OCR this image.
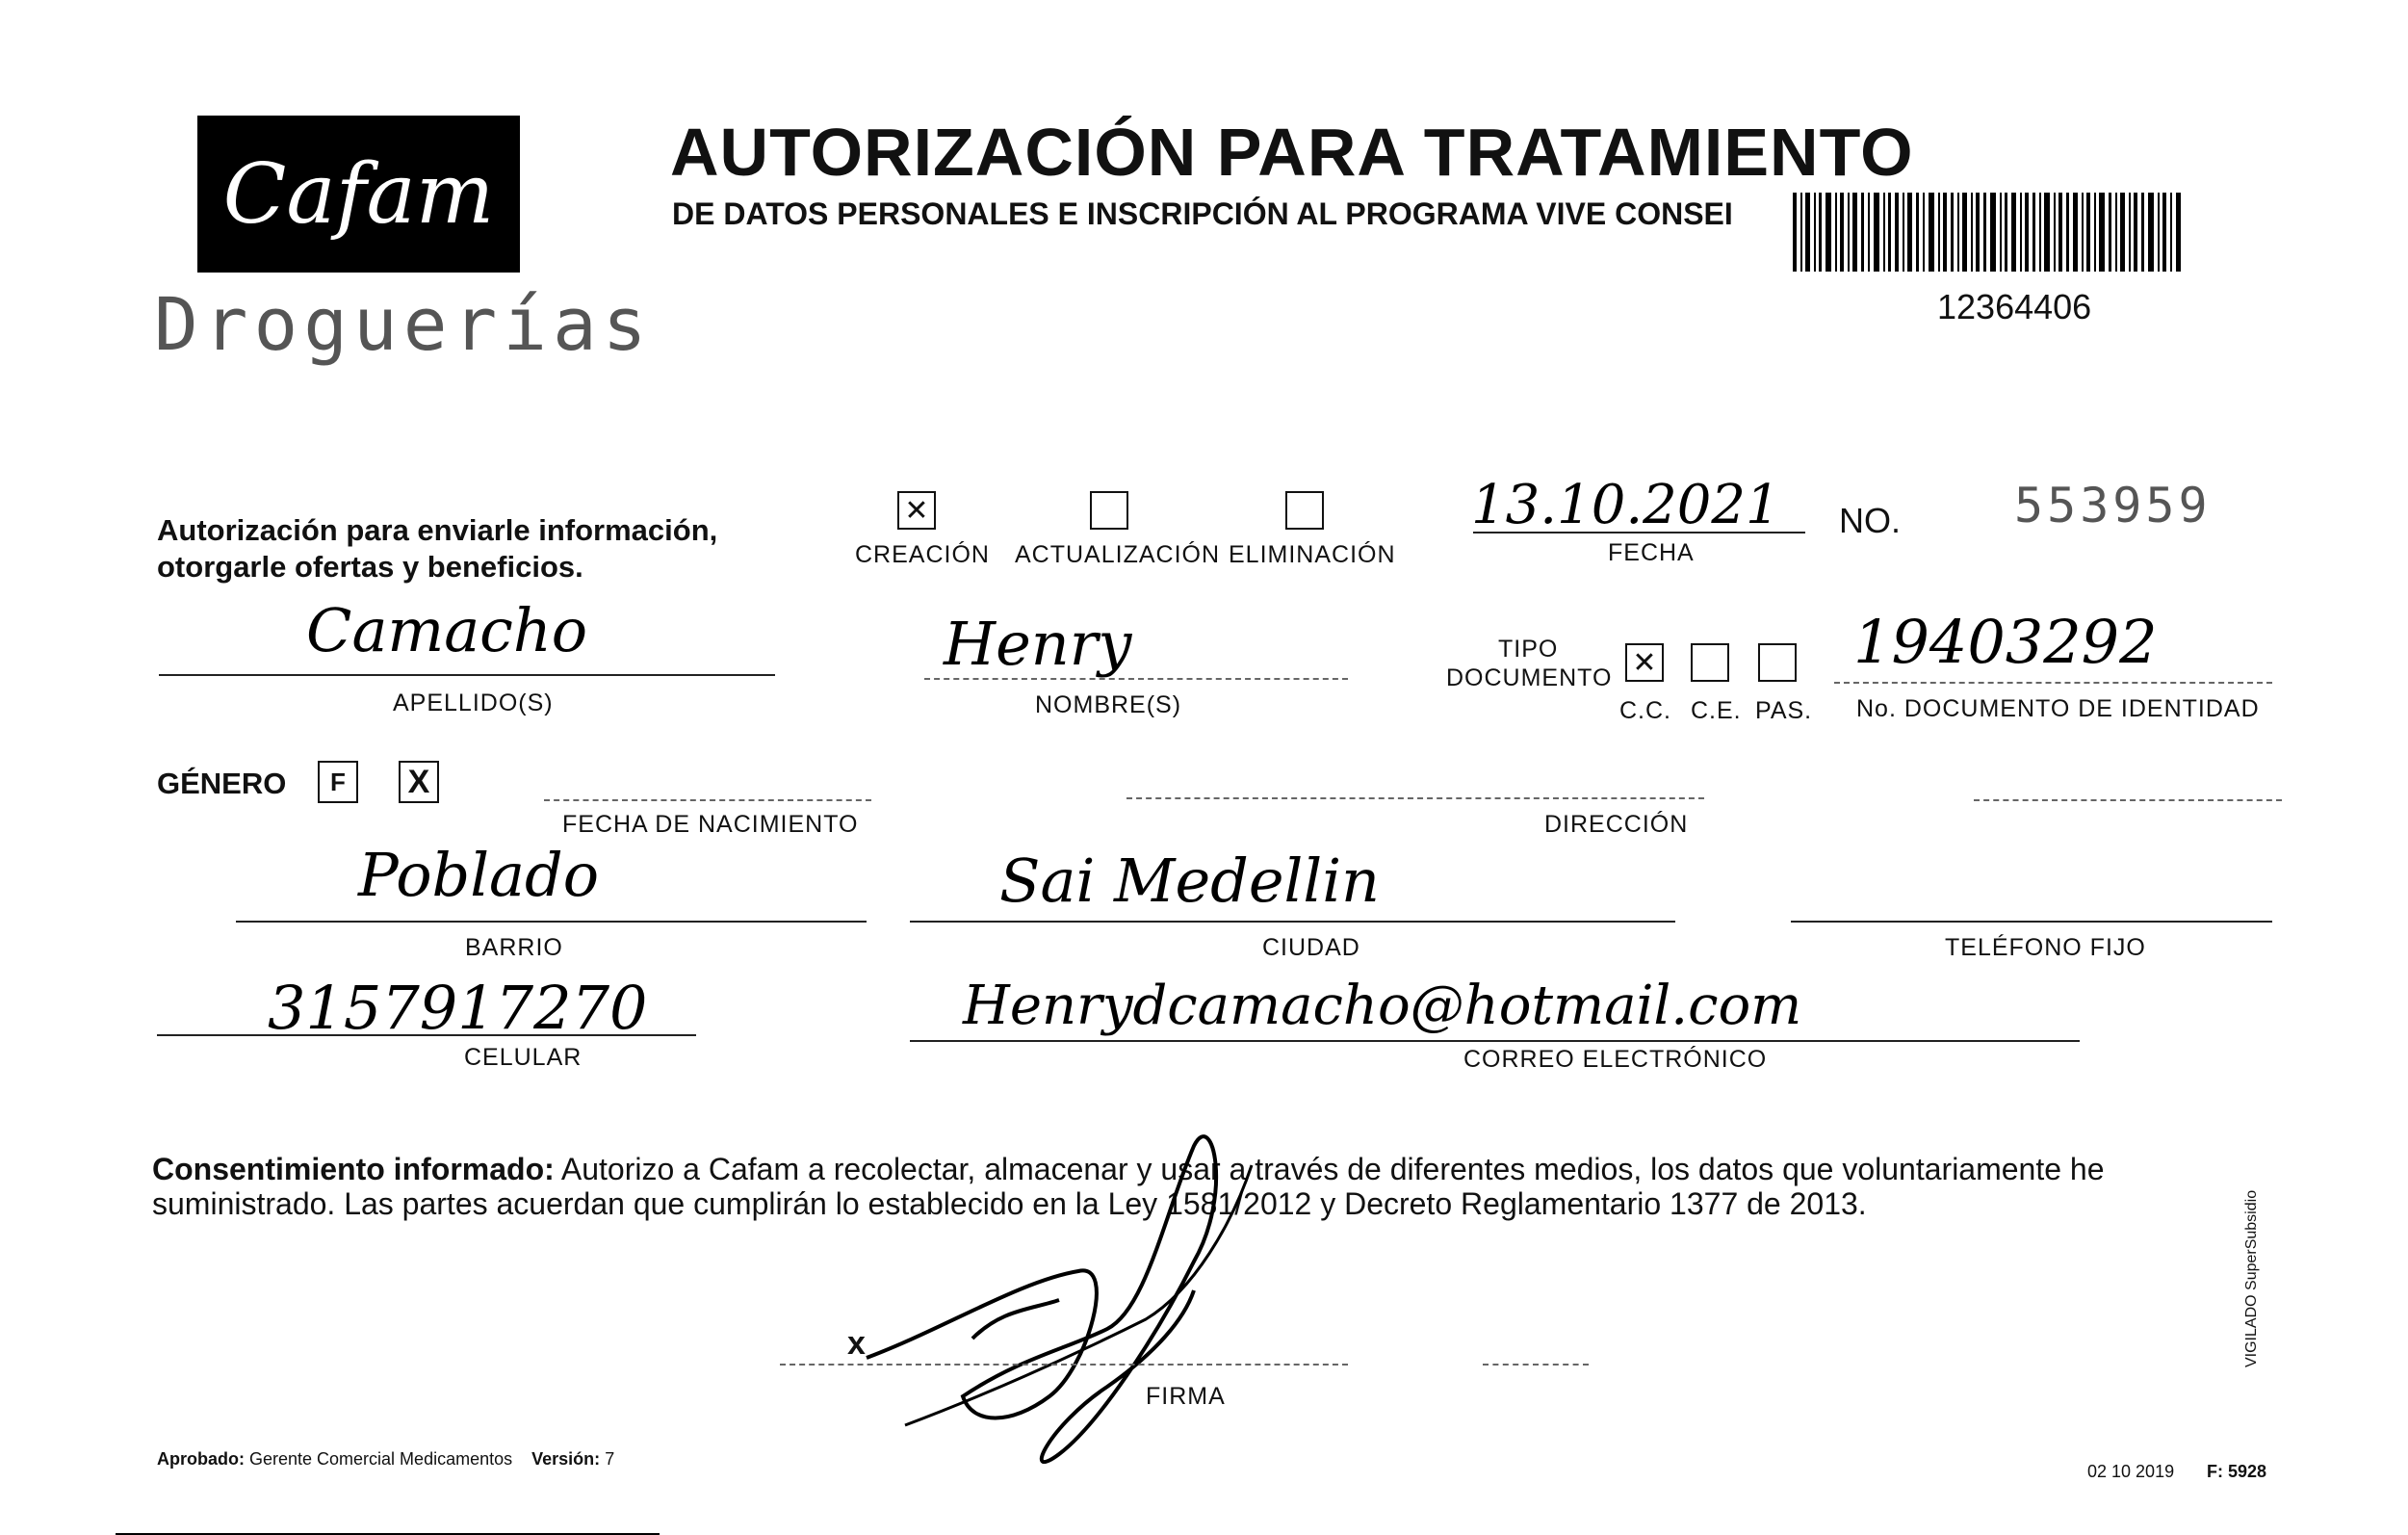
Cafam
Droguerías
AUTORIZACIÓN PARA TRATAMIENTO
DE DATOS PERSONALES E INSCRIPCIÓN AL PROGRAMA VIVE CONSEI
12364406
Autorización para enviarle información,
otorgarle ofertas y beneficios.
✕
CREACIÓN ACTUALIZACIÓN ELIMINACIÓN
13.10.2021
FECHA
NO. 553959
Camacho
APELLIDO(S)
Henry
NOMBRE(S)
TIPO
DOCUMENTO ✕
C.C. C.E. PAS.
19403292
No. DOCUMENTO DE IDENTIDAD
GÉNERO F X
FECHA DE NACIMIENTO	DIRECCIÓN
Poblado
BARRIO
Sai Medellin
CIUDAD	TELÉFONO FIJO
3157917270
CELULAR
Henrydcamacho@hotmail.com
CORREO ELECTRÓNICO
Consentimiento informado: Autorizo a Cafam a recolectar, almacenar y usar a través de diferentes medios, los datos que voluntariamente he suministrado. Las partes acuerdan que cumplirán lo establecido en la Ley 1581/2012 y Decreto Reglamentario 1377 de 2013.
x
FIRMA
Aprobado: Gerente Comercial Medicamentos Versión: 7
02 10 2019 F: 5928
VIGILADO SuperSubsidio
